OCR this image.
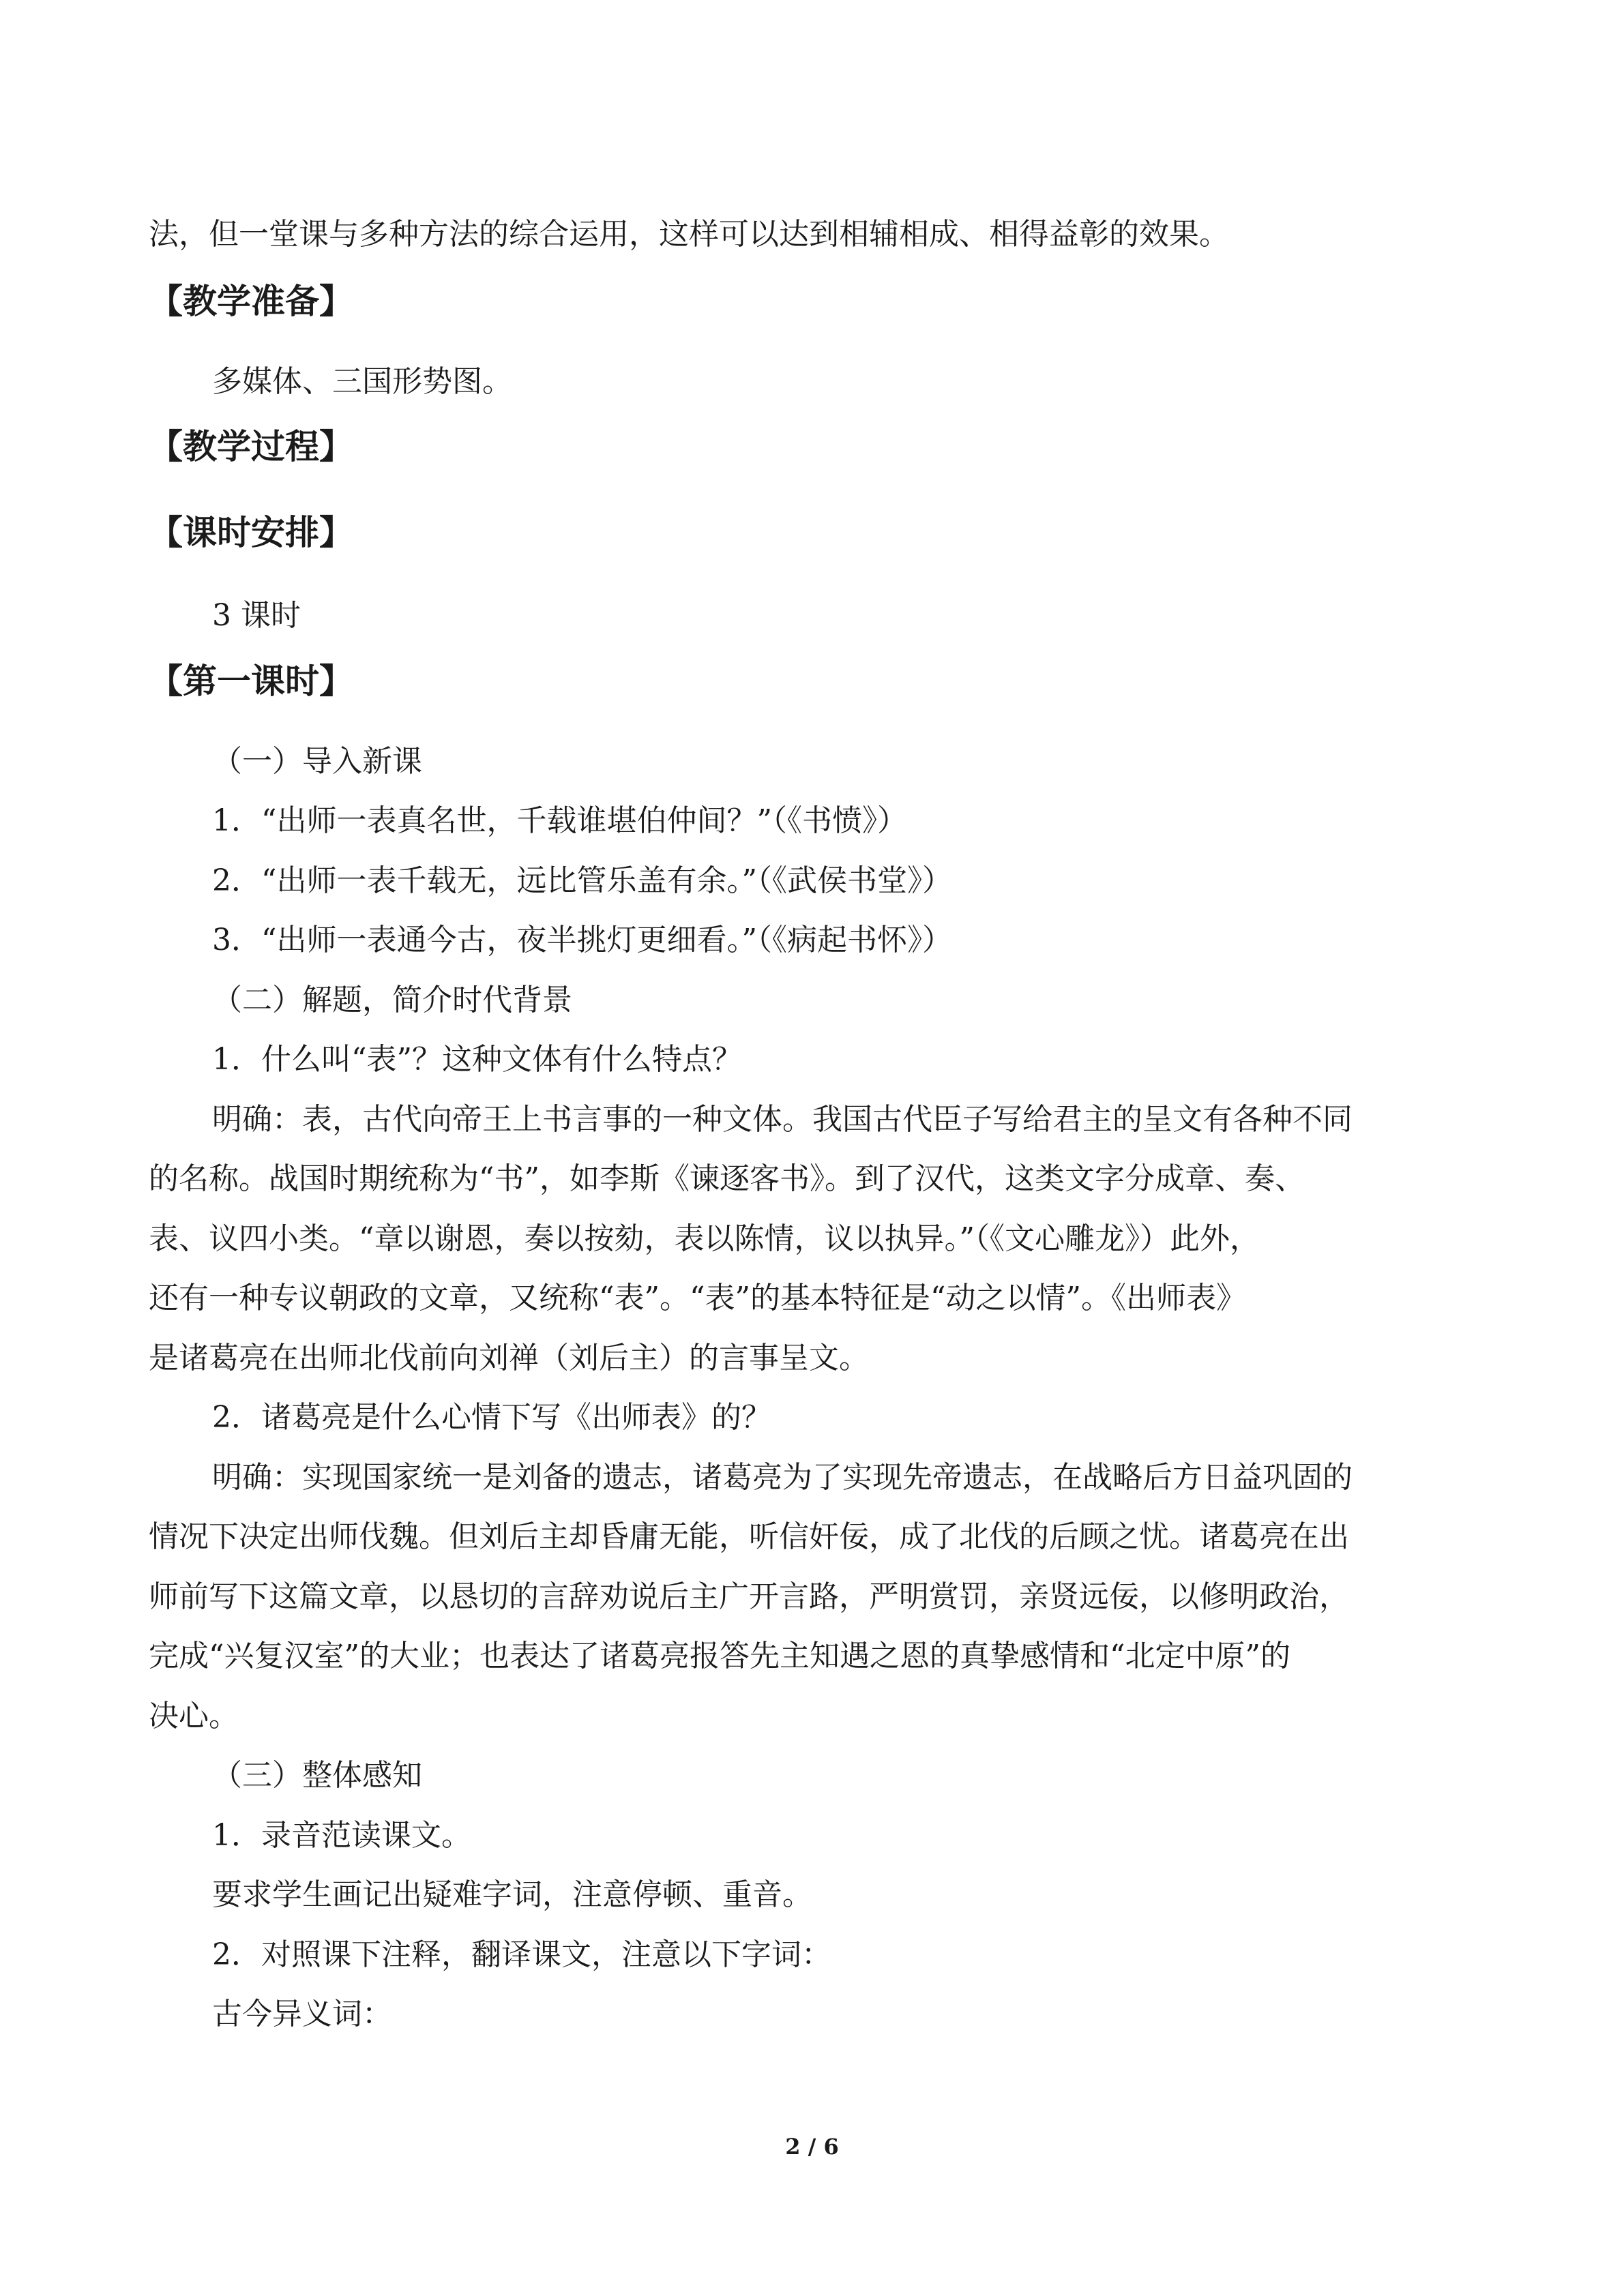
法，但一堂课与多种方法的综合运用，这样可以达到相辅相成、相得益彰的效果。
【教学准备】
多媒体、三国形势图。
【教学过程】
【课时安排】
3 课时
【第一课时】
（一）导入新课
1．“出师一表真名世，千载谁堪伯仲间？”（《书愤》）
2．“出师一表千载无，远比管乐盖有余。”（《武侯书堂》）
3．“出师一表通今古，夜半挑灯更细看。”（《病起书怀》）
（二）解题，简介时代背景
1．什么叫“表”？这种文体有什么特点？
明确：表，古代向帝王上书言事的一种文体。我国古代臣子写给君主的呈文有各种不同
的名称。战国时期统称为“书”，如李斯《谏逐客书》。到了汉代，这类文字分成章、奏、
表、议四小类。“章以谢恩，奏以按劾，表以陈情，议以执异。”（《文心雕龙》）此外，
还有一种专议朝政的文章，又统称“表”。“表”的基本特征是“动之以情”。《出师表》
是诸葛亮在出师北伐前向刘禅（刘后主）的言事呈文。
2．诸葛亮是什么心情下写《出师表》的？
明确：实现国家统一是刘备的遗志，诸葛亮为了实现先帝遗志，在战略后方日益巩固的
情况下决定出师伐魏。但刘后主却昏庸无能，听信奸佞，成了北伐的后顾之忧。诸葛亮在出
师前写下这篇文章，以恳切的言辞劝说后主广开言路，严明赏罚，亲贤远佞，以修明政治，
完成“兴复汉室”的大业；也表达了诸葛亮报答先主知遇之恩的真挚感情和“北定中原”的
决心。
（三）整体感知
1．录音范读课文。
要求学生画记出疑难字词，注意停顿、重音。
2．对照课下注释，翻译课文，注意以下字词：
古今异义词：
2 / 6
